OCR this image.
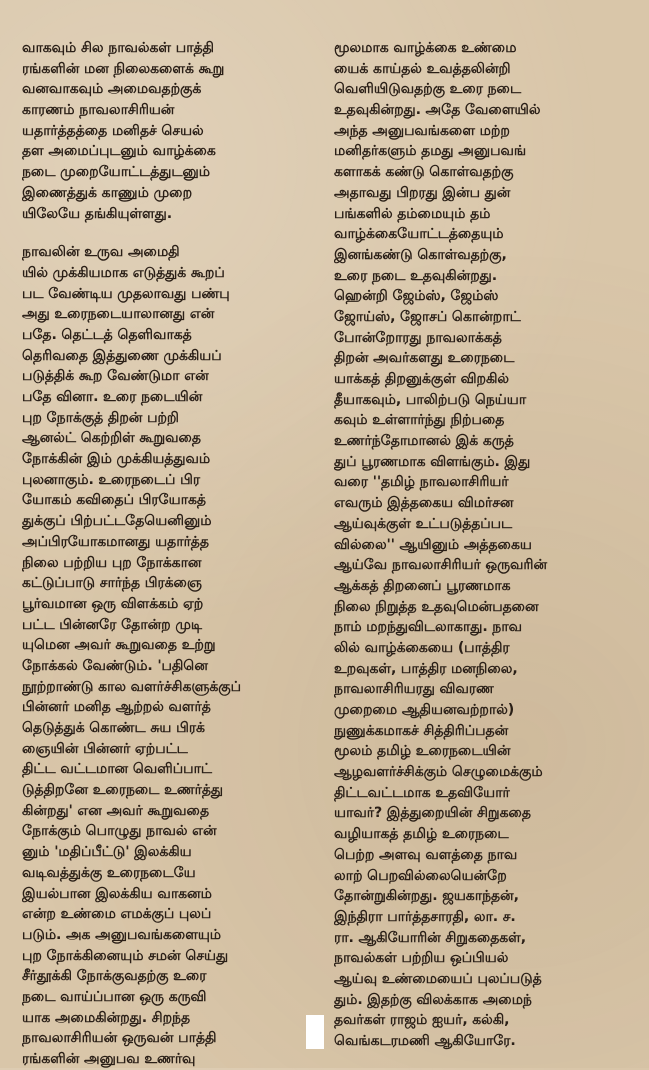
வாகவும் சில நாவல்கள் பாத்தி
ரங்களின் மன நிலைகளைக் கூறு
வனவாகவும் அமைவதற்குக்
காரணம் நாவலாசிரியன்
யதார்த்தத்தை மனிதச் செயல்
தள அமைப்புடனும் வாழ்க்கை
நடை முறையோட்டத்துடனும்
இணைத்துக் காணும் முறை
யிலேயே தங்கியுள்ளது.
நாவலின் உருவ அமைதி
யில் முக்கியமாக எடுத்துக் கூறப்
பட வேண்டிய முதலாவது பண்பு
அது உரைநடையாலானது என்
பதே. தெட்டத் தெளிவாகத்
தெரிவதை இத்துணை முக்கியப்
படுத்திக் கூற வேண்டுமா என்
பதே வினா. உரை நடையின்
புற நோக்குத் திறன் பற்றி
ஆனல்ட் கெற்றிள் கூறுவதை
நோக்கின் இம் முக்கியத்துவம்
புலனாகும். உரைநடைப் பிர
யோகம் கவிதைப் பிரயோகத்
துக்குப் பிற்பட்டதேயெனினும்
அப்பிரயோகமானது யதார்த்த
நிலை பற்றிய புற நோக்கான
கட்டுப்பாடு சார்ந்த பிரக்ஞை
பூர்வமான ஒரு விளக்கம் ஏற்
பட்ட பின்னரே தோன்ற முடி
யுமென அவர் கூறுவதை உற்று
நோக்கல் வேண்டும். 'பதினெ
நூற்றாண்டு கால வளர்ச்சிகளுக்குப்
பின்னர் மனித ஆற்றல் வளர்த்
தெடுத்துக் கொண்ட சுய பிரக்
ஞையின் பின்னர் ஏற்பட்ட
திட்ட வட்டமான வெளிப்பாட்
டுத்திறனே உரைநடை உணர்த்து
கின்றது' என அவர் கூறுவதை
நோக்கும் பொழுது நாவல் என்
னும் 'மதிப்பீட்டு' இலக்கிய
வடிவத்துக்கு உரைநடையே
இயல்பான இலக்கிய வாகனம்
என்ற உண்மை எமக்குப் புலப்
படும். அக அனுபவங்களையும்
புற நோக்கினையும் சமன் செய்து
சீர்தூக்கி நோக்குவதற்கு உரை
நடை வாய்ப்பான ஒரு கருவி
யாக அமைகின்றது. சிறந்த
நாவலாசிரியன் ஒருவன் பாத்தி
ரங்களின் அனுபவ உணர்வு
மூலமாக வாழ்க்கை உண்மை
யைக் காய்தல் உவத்தலின்றி
வெளியிடுவதற்கு உரை நடை
உதவுகின்றது. அதே வேளையில்
அந்த அனுபவங்களை மற்ற
மனிதர்களும் தமது அனுபவங்
களாகக் கண்டு கொள்வதற்கு
அதாவது பிறரது இன்ப துன்
பங்களில் தம்மையும் தம்
வாழ்க்கையோட்டத்தையும்
இனங்கண்டு கொள்வதற்கு,
உரை நடை உதவுகின்றது.
ஹென்றி ஜேம்ஸ், ஜேம்ஸ்
ஜோய்ஸ், ஜோசப் கொன்றாட்
போன்றோரது நாவலாக்கத்
திறன் அவர்களது உரைநடை
யாக்கத் திறனுக்குள் விறகில்
தீயாகவும், பாலிற்படு நெய்யா
கவும் உள்ளார்ந்து நிற்பதை
உணர்ந்தோமானல் இக் கருத்
துப் பூரணமாக விளங்கும். இது
வரை ''தமிழ் நாவலாசிரியர்
எவரும் இத்தகைய விமர்சன
ஆய்வுக்குள் உட்படுத்தப்பட
வில்லை'' ஆயினும் அத்தகைய
ஆய்வே நாவலாசிரியர் ஒருவரின்
ஆக்கத் திறனைப் பூரணமாக
நிலை நிறுத்த உதவுமென்பதனை
நாம் மறந்துவிடலாகாது. நாவ
லில் வாழ்க்கையை (பாத்திர
உறவுகள், பாத்திர மனநிலை,
நாவலாசிரியரது விவரண
முறைமை ஆதியனவற்றால்)
நுணுக்கமாகச் சித்திரிப்பதன்
மூலம் தமிழ் உரைநடையின்
ஆழவளர்ச்சிக்கும் செழுமைக்கும்
திட்டவட்டமாக உதவியோர்
யாவர்? இத்துறையின் சிறுகதை
வழியாகத் தமிழ் உரைநடை
பெற்ற அளவு வளத்தை நாவ
லாற் பெறவில்லையென்றே
தோன்றுகின்றது. ஜயகாந்தன்,
இந்திரா பார்த்தசாரதி, லா. ச.
ரா. ஆகியோரின் சிறுகதைகள்,
நாவல்கள் பற்றிய ஒப்பியல்
ஆய்வு உண்மையைப் புலப்படுத்
தும். இதற்கு விலக்காக அமைந்
தவர்கள் ராஜம் ஐயர், கல்கி,
வெங்கடரமணி ஆகியோரே.
